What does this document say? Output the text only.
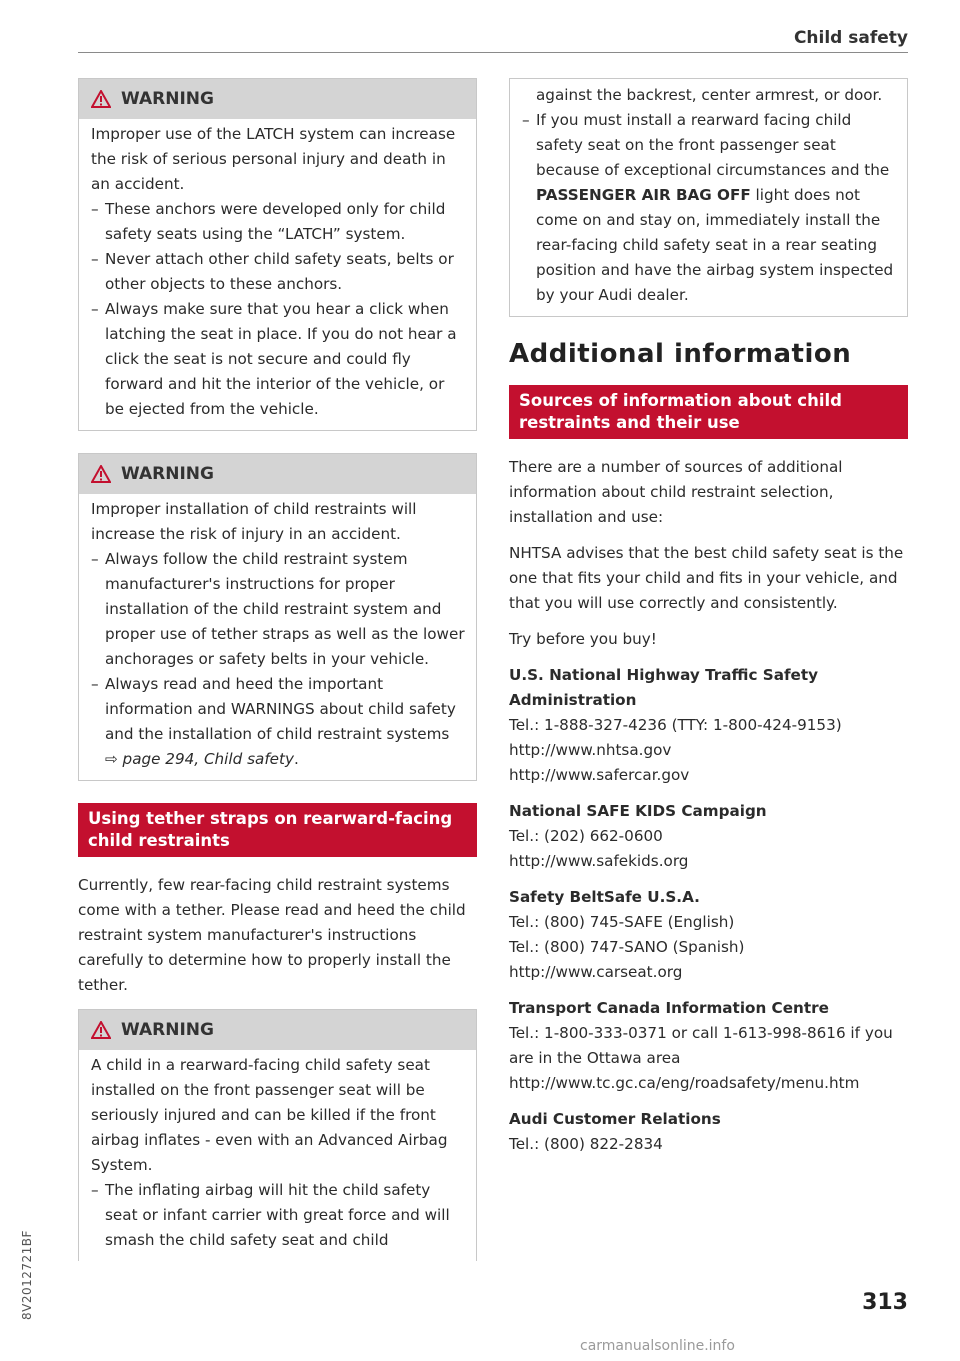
Child safety
WARNING

Improper use of the LATCH system can increase the risk of serious personal injury and death in an accident.

– These anchors were developed only for child safety seats using the “LATCH” system.
– Never attach other child safety seats, belts or other objects to these anchors.
– Always make sure that you hear a click when latching the seat in place. If you do not hear a click the seat is not secure and could fly forward and hit the interior of the vehicle, or be ejected from the vehicle.
WARNING

Improper installation of child restraints will increase the risk of injury in an accident.

– Always follow the child restraint system manufacturer's instructions for proper installation of the child restraint system and proper use of tether straps as well as the lower anchorages or safety belts in your vehicle.
– Always read and heed the important information and WARNINGS about child safety and the installation of child restraint systems ⇨ page 294, Child safety.
Using tether straps on rearward-facing child restraints

Currently, few rear-facing child restraint systems come with a tether. Please read and heed the child restraint system manufacturer's instructions carefully to determine how to properly install the tether.

WARNING

A child in a rearward-facing child safety seat installed on the front passenger seat will be seriously injured and can be killed if the front airbag inflates - even with an Advanced Airbag System.

– The inflating airbag will hit the child safety seat or infant carrier with great force and will smash the child safety seat and child

against the backrest, center armrest, or door.

– If you must install a rearward facing child safety seat on the front passenger seat because of exceptional circumstances and the PASSENGER AIR BAG OFF light does not come on and stay on, immediately install the rear-facing child safety seat in a rear seating position and have the airbag system inspected by your Audi dealer.
Additional information
Sources of information about child restraints and their use

There are a number of sources of additional information about child restraint selection, installation and use:

NHTSA advises that the best child safety seat is the one that fits your child and fits in your vehicle, and that you will use correctly and consistently.

Try before you buy!

U.S. National Highway Traffic Safety Administration
Tel.: 1-888-327-4236 (TTY: 1-800-424-9153)
http://www.nhtsa.gov
http://www.safercar.gov
National SAFE KIDS Campaign
Tel.: (202) 662-0600
http://www.safekids.org
Safety BeltSafe U.S.A.
Tel.: (800) 745-SAFE (English)
Tel.: (800) 747-SANO (Spanish)
http://www.carseat.org
Transport Canada Information Centre
Tel.: 1-800-333-0371 or call 1-613-998-8616 if you are in the Ottawa area
http://www.tc.gc.ca/eng/roadsafety/menu.htm
Audi Customer Relations
Tel.: (800) 822-2834
8V2012721BF	313
carmanualsonline.info
